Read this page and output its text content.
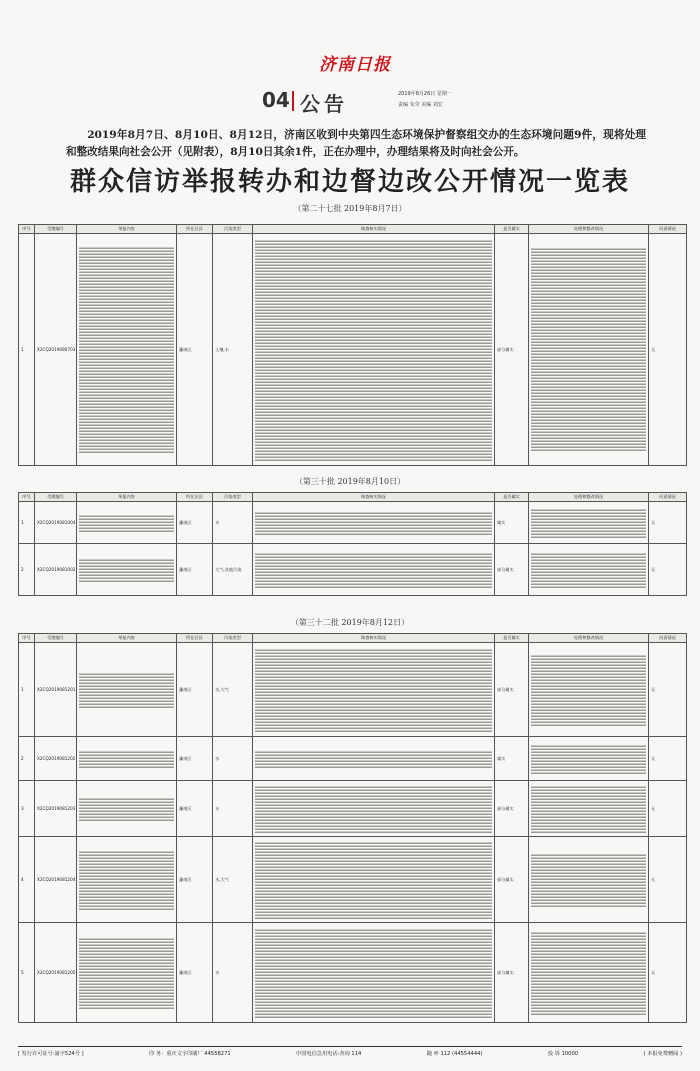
济南日报
04 公告	2019年8月26日 星期一
责编 朱莹 美编 刘宏
2019年8月7日、8月10日、8月12日，济南区收到中央第四生态环境保护督察组交办的生态环境问题9件，现将处理和整改结果向社会公开（见附表），8月10日其余1件，正在办理中，办理结果将及时向社会公开。
群众信访举报转办和边督边改公开情况一览表
（第二十七批 2019年8月7日）
序号	受理编号	举报内容	所在区县	污染类型	调查核实情况	是否属实	处理和整改情况	问责情况
1	X2CQ2019080703		濂南区	土壤,水		部分属实		无
（第三十批 2019年8月10日）
序号	受理编号	举报内容	所在区县	污染类型	调查核实情况	是否属实	处理和整改情况	问责情况
1	X2CQ2019081004		濂南区	水		属实		无
2	X2CQ2019081002		濂南区	大气,其他污染		部分属实		无
（第三十二批 2019年8月12日）
序号	受理编号	举报内容	所在区县	污染类型	调查核实情况	是否属实	处理和整改情况	问责情况
1	X2CQ2019081201		濂南区	水,大气		部分属实		无
2	X2CQ2019081202		濂南区	水		属实		无
3	X2CQ2019081203		濂南区	水		部分属实		无
4	X2CQ2019081204		濂南区	水,大气		部分属实		无
5	X2CQ2019081205		濂南区	水		部分属实		无
[ 发行许可证号:渝字524号 ]	印 务：重庆文字印刷厂 44558271	中国电信急用电话:查询 114	随 呼 112 (44554444)	投 诉 10000	( 本报免费赠阅 )
